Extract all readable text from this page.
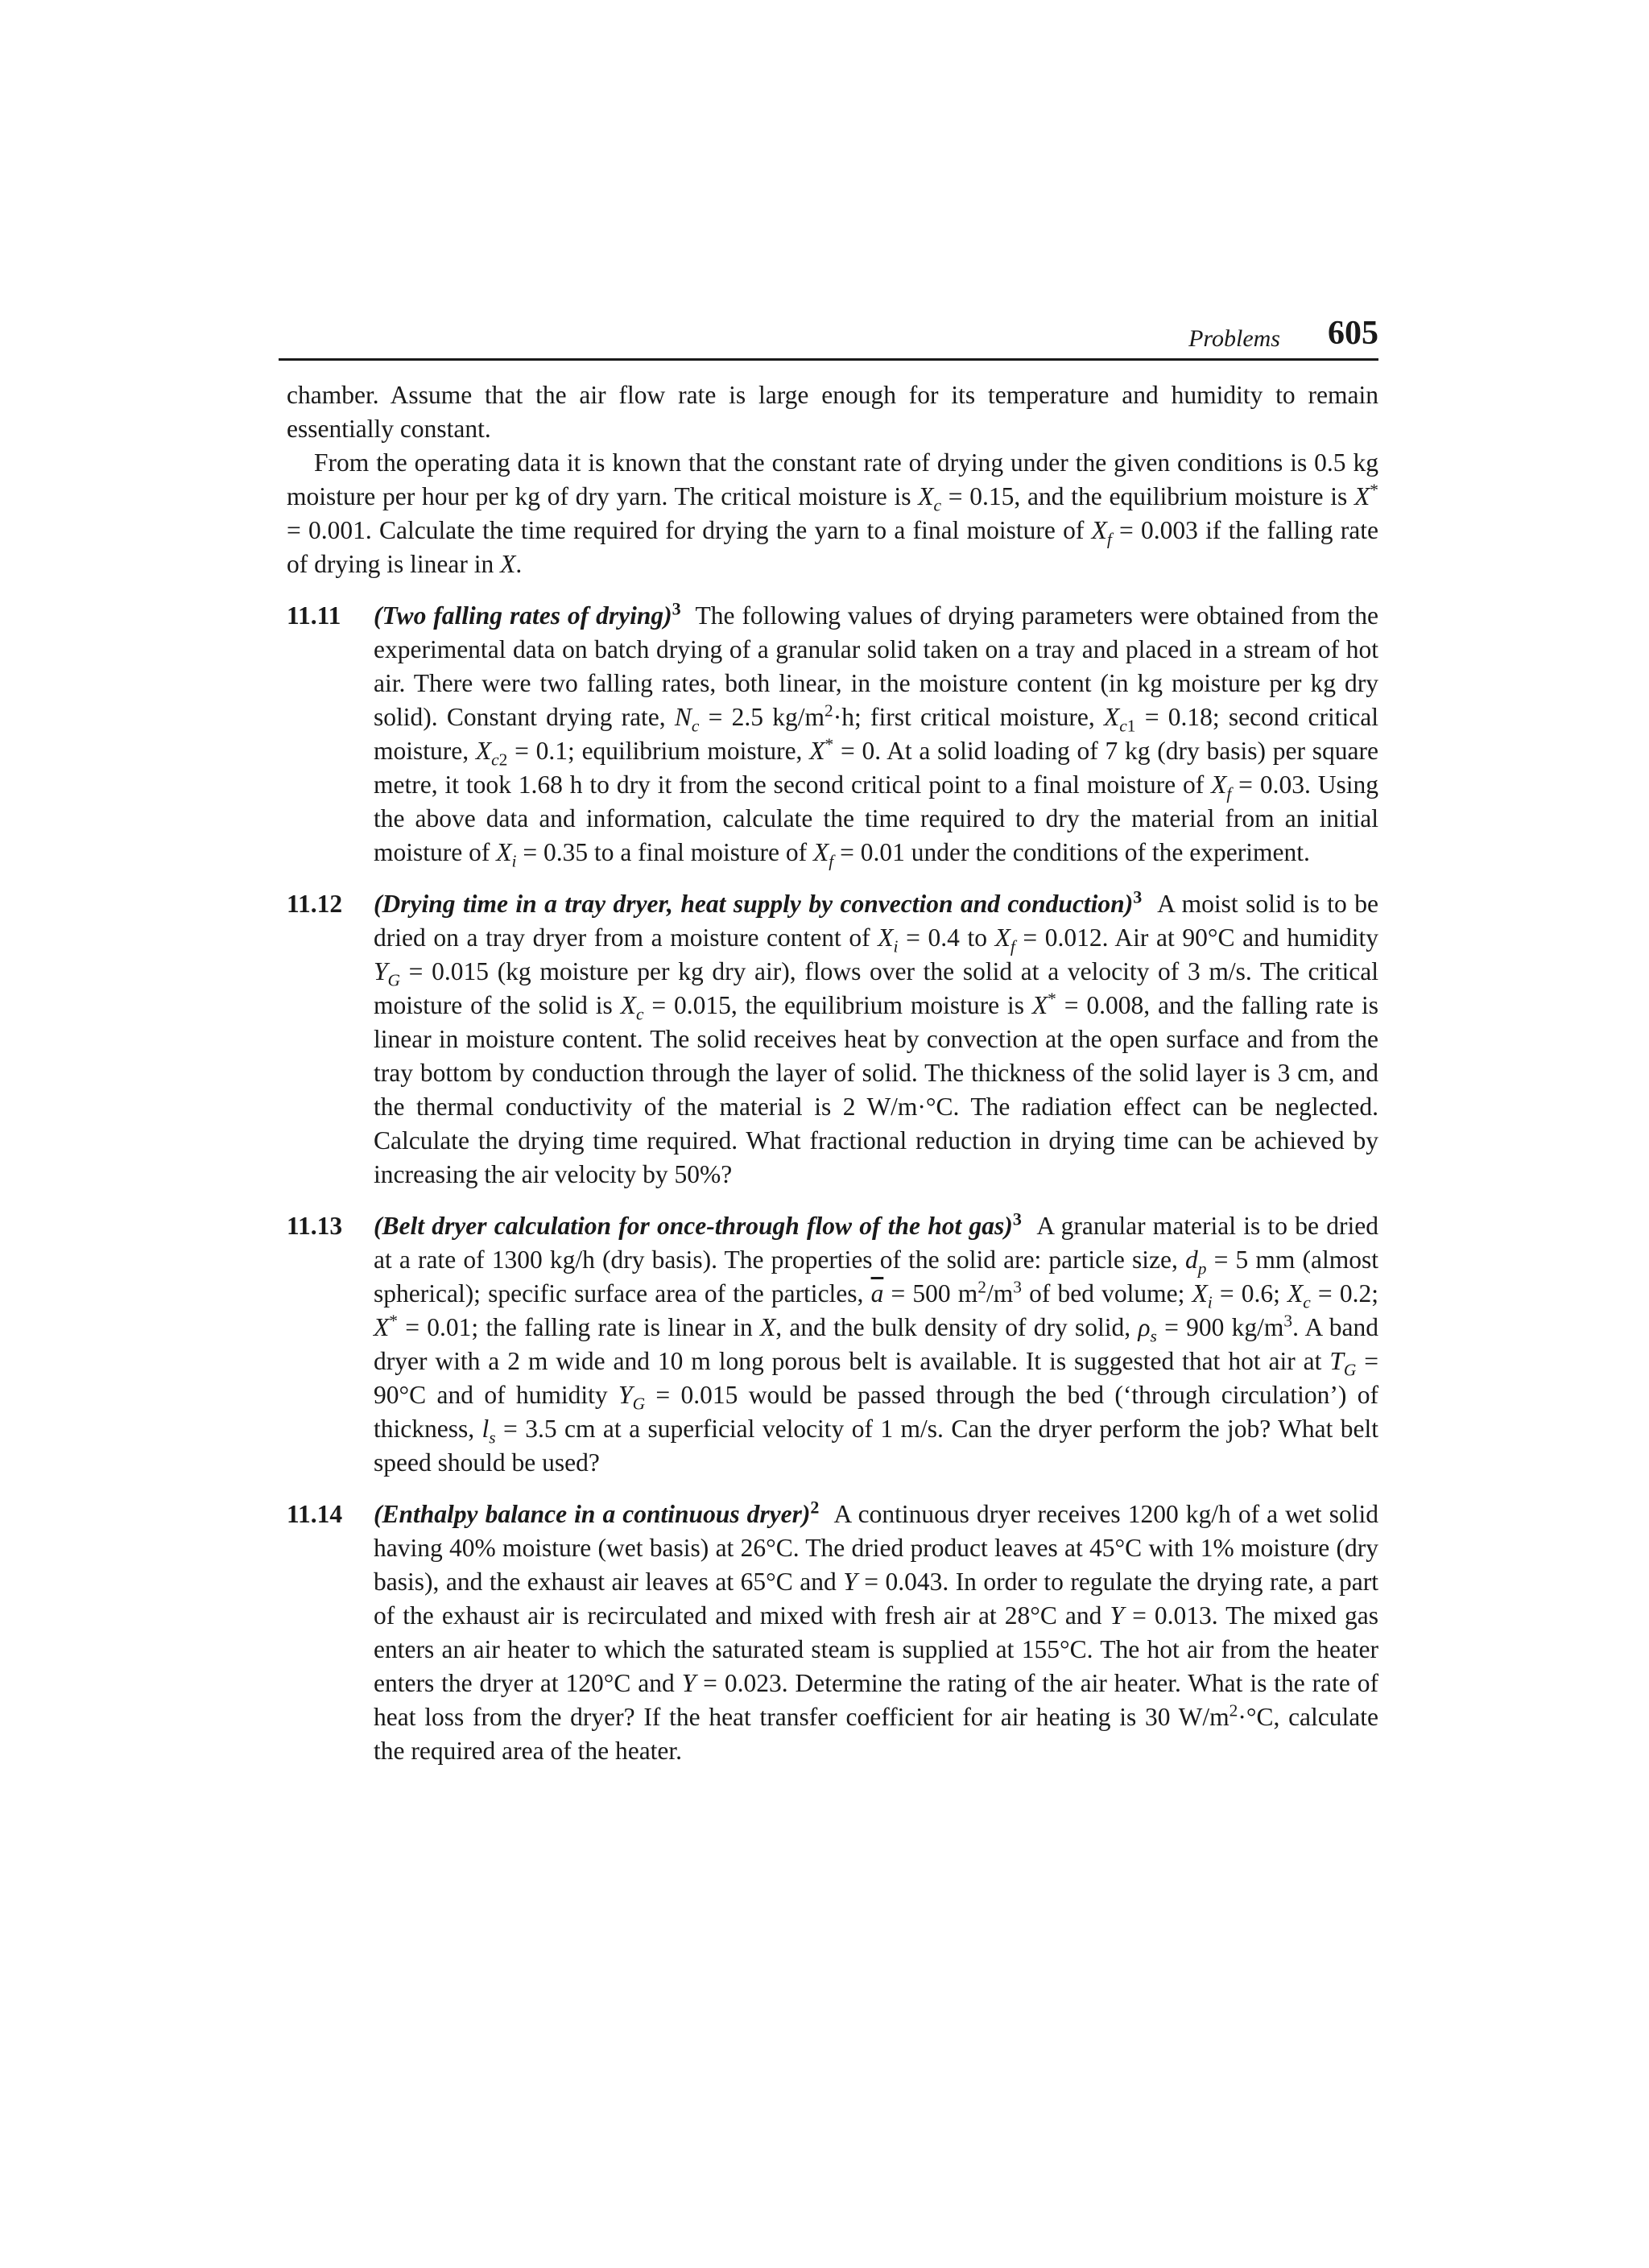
Problems 605

chamber. Assume that the air flow rate is large enough for its temperature and humidity to remain essentially constant.

From the operating data it is known that the constant rate of drying under the given conditions is 0.5 kg moisture per hour per kg of dry yarn. The critical moisture is $X_c = 0.15$, and the equilibrium moisture is X* = 0.001. Calculate the time required for drying the yarn to a final moisture of $X_f = 0.003$ if the falling rate of drying is linear in X.

11.11 (Two falling rates of drying)$^3$  The following values of drying parameters were obtained from the experimental data on batch drying of a granular solid taken on a tray and placed in a stream of hot air. There were two falling rates, both linear, in the moisture content (in kg moisture per kg dry solid). Constant drying rate, $N_c = 2.5$ $kg/m^2\cdot h$; first critical moisture, $X_{c1} = 0.18$; second critical moisture, $X_{c2} = 0.1$; equilibrium moisture, X* = 0. At a solid loading of 7 kg (dry basis) per square metre, it took 1.68 h to dry it from the second critical point to a final moisture of $X_f = 0.03$. Using the above data and information, calculate the time required to dry the material from an initial moisture of $X_i = 0.35$ to a final moisture of $X_f = 0.01$ under the conditions of the experiment.

11.12 (Drying time in a tray dryer, heat supply by convection and conduction)$^3$  A moist solid is to be dried on a tray dryer from a moisture content of $X_i = 0.4$ to $X_f = 0.012$. Air at 90°C and humidity $Y_G = 0.015$ (kg moisture per kg dry air), flows over the solid at a velocity of 3 m/s. The critical moisture of the solid is $X_c = 0.015$, the equilibrium moisture is X* = 0.008, and the falling rate is linear in moisture content. The solid receives heat by convection at the open surface and from the tray bottom by conduction through the layer of solid. The thickness of the solid layer is 3 cm, and the thermal conductivity of the material is 2 W/m·°C. The radiation effect can be neglected. Calculate the drying time required. What fractional reduction in drying time can be achieved by increasing the air velocity by 50%?

11.13 (Belt dryer calculation for once-through flow of the hot gas)$^3$  A granular material is to be dried at a rate of 1300 kg/h (dry basis). The properties of the solid are: particle size, $d_p = 5$ mm (almost spherical); specific surface area of the particles, $\overline{a} = 500$ $m^2/m^3$ of bed volume; $X_i = 0.6$; $X_c = 0.2$; X* = 0.01; the falling rate is linear in X, and the bulk density of dry solid, $\rho_s = 900$ $kg/m^3$. A band dryer with a 2 m wide and 10 m long porous belt is available. It is suggested that hot air at $T_G = 90^\circ C$ and of humidity $Y_G = 0.015$ would be passed through the bed (‘through circulation’) of thickness, $l_s = 3.5$ cm at a superficial velocity of 1 m/s. Can the dryer perform the job? What belt speed should be used?

11.14 (Enthalpy balance in a continuous dryer)$^2$  A continuous dryer receives 1200 kg/h of a wet solid having 40% moisture (wet basis) at 26°C. The dried product leaves at 45°C with 1% moisture (dry basis), and the exhaust air leaves at 65°C and Y = 0.043. In order to regulate the drying rate, a part of the exhaust air is recirculated and mixed with fresh air at 28°C and Y = 0.013. The mixed gas enters an air heater to which the saturated steam is supplied at 155°C. The hot air from the heater enters the dryer at 120°C and Y = 0.023. Determine the rating of the air heater. What is the rate of heat loss from the dryer? If the heat transfer coefficient for air heating is 30 $W/m^2\cdot^\circ C$, calculate the required area of the heater.
